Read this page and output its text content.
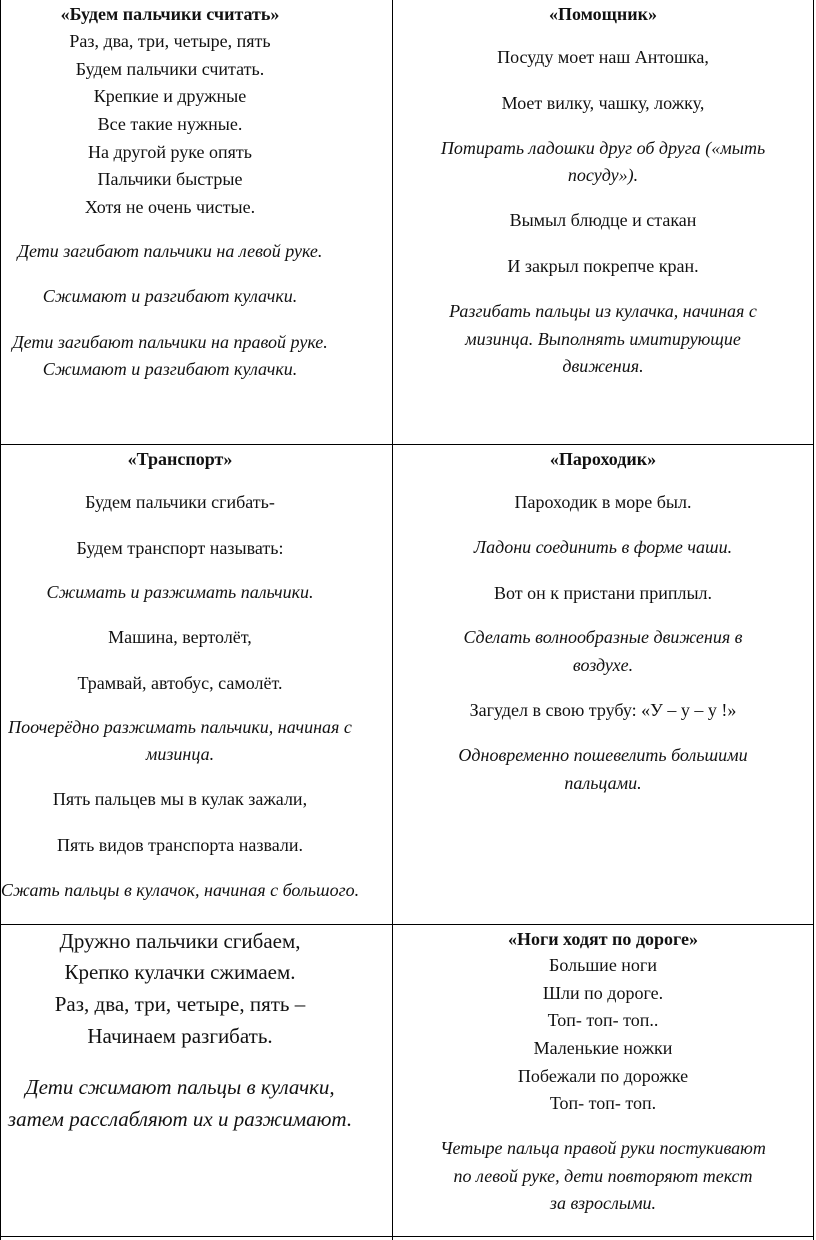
«Будем пальчики считать»
Раз, два, три, четыре, пять
Будем пальчики считать.
Крепкие и дружные
Все такие нужные.
На другой руке опять
Пальчики быстрые
Хотя не очень чистые.
Дети загибают пальчики на левой руке.
Сжимают и разгибают кулачки.
Дети загибают пальчики на правой руке.
Сжимают и разгибают кулачки.
«Помощник»
Посуду моет наш Антошка,
Моет вилку, чашку, ложку,
Потирать ладошки друг об друга («мыть
посуду»).
Вымыл блюдце и стакан
И закрыл покрепче кран.
Разгибать пальцы из кулачка, начиная с
мизинца. Выполнять имитирующие
движения.
«Транспорт»
Будем пальчики сгибать-
Будем транспорт называть:
Сжимать и разжимать пальчики.
Машина, вертолёт,
Трамвай, автобус, самолёт.
Поочерёдно разжимать пальчики, начиная с
мизинца.
Пять пальцев мы в кулак зажали,
Пять видов транспорта назвали.
Сжать пальцы в кулачок, начиная с большого.
«Пароходик»
Пароходик в море был.
Ладони соединить в форме чаши.
Вот он к пристани приплыл.
Сделать волнообразные движения в
воздухе.
Загудел в свою трубу: «У – у – у !»
Одновременно пошевелить большими
пальцами.
Дружно пальчики сгибаем,
Крепко кулачки сжимаем.
Раз, два, три, четыре, пять –
Начинаем разгибать.
Дети сжимают пальцы в кулачки,
затем расслабляют их и разжимают.
«Ноги ходят по дороге»
Большие ноги
Шли по дороге.
Топ- топ- топ..
Маленькие ножки
Побежали по дорожке
Топ- топ- топ.
Четыре пальца правой руки постукивают
по левой руке, дети повторяют текст
за взрослыми.
